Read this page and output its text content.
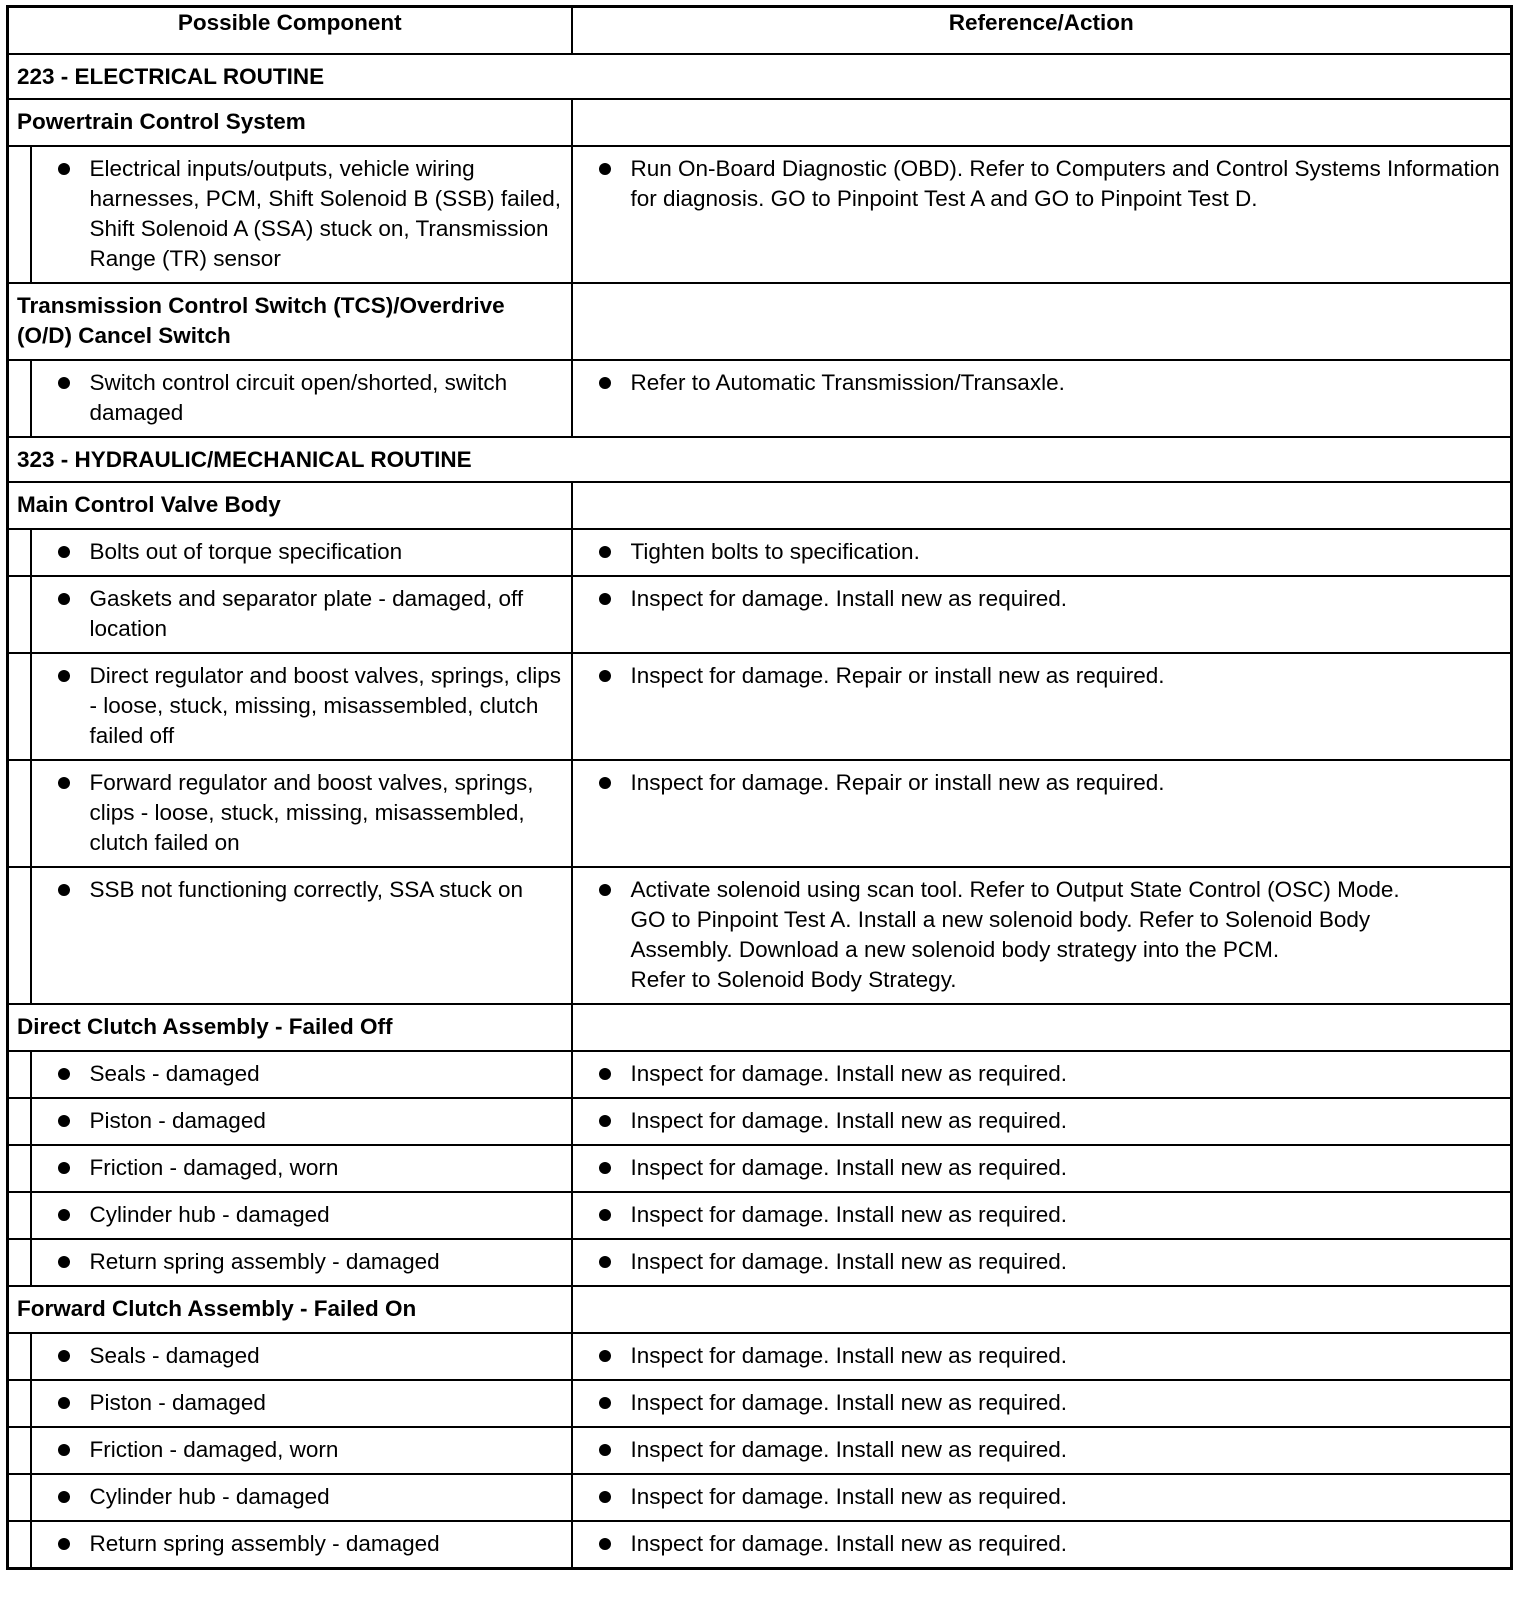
Possible Component		Reference/Action
223 - ELECTRICAL ROUTINE		
Powertrain Control System		

	Electrical inputs/outputs, vehicle wiring harnesses, PCM, Shift Solenoid B (SSB) failed, Shift Solenoid A (SSA) stuck on, Transmission Range (TR) sensor	Run On-Board Diagnostic (OBD). Refer to Computers and Control Systems Information for diagnosis. GO to Pinpoint Test A and GO to Pinpoint Test D.

Transmission Control Switch (TCS)/Overdrive (O/D) Cancel Switch		

	Switch control circuit open/shorted, switch damaged	Refer to Automatic Transmission/Transaxle.

323 - HYDRAULIC/MECHANICAL ROUTINE		
Main Control Valve Body		

	Bolts out of torque specification	Tighten bolts to specification.

	Gaskets and separator plate - damaged, off location	Inspect for damage. Install new as required.

	Direct regulator and boost valves, springs, clips - loose, stuck, missing, misassembled, clutch failed off	Inspect for damage. Repair or install new as required.

	Forward regulator and boost valves, springs, clips - loose, stuck, missing, misassembled, clutch failed on	Inspect for damage. Repair or install new as required.

	SSB not functioning correctly, SSA stuck on	Activate solenoid using scan tool. Refer to Output State Control (OSC) Mode.
GO to Pinpoint Test A. Install a new solenoid body. Refer to Solenoid Body
Assembly. Download a new solenoid body strategy into the PCM.
Refer to Solenoid Body Strategy.

Direct Clutch Assembly - Failed Off		

	Seals - damaged	Inspect for damage. Install new as required.

	Piston - damaged	Inspect for damage. Install new as required.

	Friction - damaged, worn	Inspect for damage. Install new as required.

	Cylinder hub - damaged	Inspect for damage. Install new as required.

	Return spring assembly - damaged	Inspect for damage. Install new as required.

Forward Clutch Assembly - Failed On		

	Seals - damaged	Inspect for damage. Install new as required.

	Piston - damaged	Inspect for damage. Install new as required.

	Friction - damaged, worn	Inspect for damage. Install new as required.

	Cylinder hub - damaged	Inspect for damage. Install new as required.

	Return spring assembly - damaged	Inspect for damage. Install new as required.
